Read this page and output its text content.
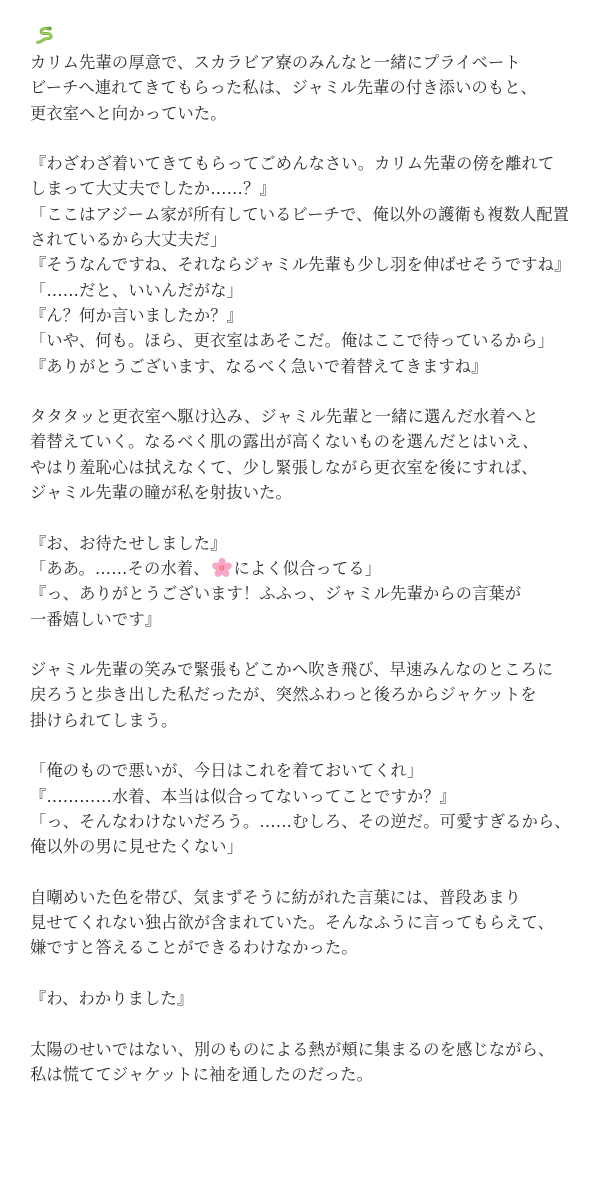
カリム先輩の厚意で、スカラビア寮のみんなと一緒にプライベート
ビーチへ連れてきてもらった私は、ジャミル先輩の付き添いのもと、
更衣室へと向かっていた。
『わざわざ着いてきてもらってごめんなさい。カリム先輩の傍を離れて
しまって大丈夫でしたか……？』
「ここはアジーム家が所有しているビーチで、俺以外の護衛も複数人配置
されているから大丈夫だ」
『そうなんですね、それならジャミル先輩も少し羽を伸ばせそうですね』
「……だと、いいんだがな」
『ん？何か言いましたか？』
「いや、何も。ほら、更衣室はあそこだ。俺はここで待っているから」
『ありがとうございます、なるべく急いで着替えてきますね』
タタタッと更衣室へ駆け込み、ジャミル先輩と一緒に選んだ水着へと
着替えていく。なるべく肌の露出が高くないものを選んだとはいえ、
やはり羞恥心は拭えなくて、少し緊張しながら更衣室を後にすれば、
ジャミル先輩の瞳が私を射抜いた。
『お、お待たせしました』
「ああ。……その水着、 によく似合ってる」
『っ、ありがとうございます！ふふっ、ジャミル先輩からの言葉が
一番嬉しいです』
ジャミル先輩の笑みで緊張もどこかへ吹き飛び、早速みんなのところに
戻ろうと歩き出した私だったが、突然ふわっと後ろからジャケットを
掛けられてしまう。
「俺のもので悪いが、今日はこれを着ておいてくれ」
『…………水着、本当は似合ってないってことですか？』
「っ、そんなわけないだろう。……むしろ、その逆だ。可愛すぎるから、
俺以外の男に見せたくない」
自嘲めいた色を帯び、気まずそうに紡がれた言葉には、普段あまり
見せてくれない独占欲が含まれていた。そんなふうに言ってもらえて、
嫌ですと答えることができるわけなかった。
『わ、わかりました』
太陽のせいではない、別のものによる熱が頬に集まるのを感じながら、
私は慌ててジャケットに袖を通したのだった。
